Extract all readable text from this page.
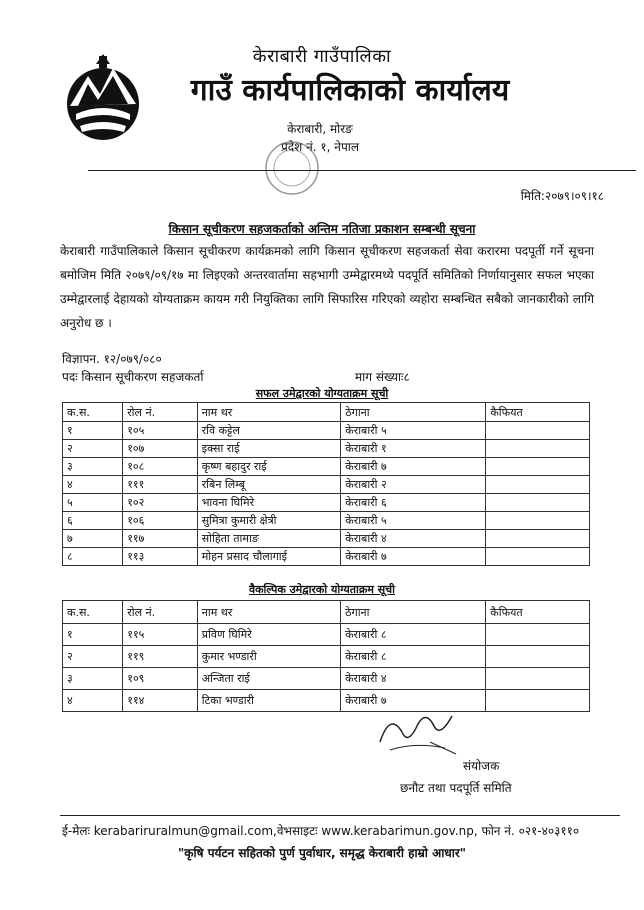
केराबारी गाउँपालिका
गाउँ कार्यपालिकाको कार्यालय
केराबारी, मोरङ
प्रदेश नं. १, नेपाल
मिति:२०७९।०९।१८
किसान सूचीकरण सहजकर्ताको अन्तिम नतिजा प्रकाशन सम्बन्धी सूचना
केराबारी गाउँपालिकाले किसान सूचीकरण कार्यक्रमको लागि किसान सूचीकरण सहजकर्ता सेवा करारमा पदपूर्ती गर्ने सूचना बमोजिम मिति २०७९/०९/१७ मा लिइएको अन्तरवार्तामा सहभागी उम्मेद्वारमध्ये पदपूर्ति समितिको निर्णायानुसार सफल भएका उम्मेद्वारलाई देहायको योग्यताक्रम कायम गरी नियुक्तिका लागि सिफारिस गरिएको व्यहोरा सम्बन्धित सबैको जानकारीको लागि अनुरोध छ ।
विज्ञापन. १२/०७९/०८०
पदः किसान सूचीकरण सहजकर्ता	माग संख्याः८
सफल उमेद्वारको योग्यताक्रम सूची
क.स.	रोल नं.	नाम थर	ठेगाना	कैफियत
१	१०५	रवि कट्टेल	केराबारी ५	
२	१०७	इक्सा राई	केराबारी १	
३	१०८	कृष्ण बहादुर राई	केराबारी ७	
४	१११	रबिन लिम्बू	केराबारी २	
५	१०२	भावना घिमिरे	केराबारी ६	
६	१०६	सुमित्रा कुमारी क्षेत्री	केराबारी ५	
७	११७	सोहिता तामाङ	केराबारी ४	
८	११३	मोहन प्रसाद चौलागाई	केराबारी ७	
वैकल्पिक उमेद्वारको योग्यताक्रम सूची
क.स.	रोल नं.	नाम थर	ठेगाना	कैफियत
१	११५	प्रविण घिमिरे	केराबारी ८	
२	११९	कुमार भण्डारी	केराबारी ८	
३	१०९	अन्जिता राई	केराबारी ४	
४	११४	टिका भण्डारी	केराबारी ७	
संयोजक
छनौट तथा पदपूर्ति समिति
ई-मेलः kerabariruralmun@gmail.com,वेभसाइटः www.kerabarimun.gov.np, फोन नं. ०२१-४०३११०
"कृषि पर्यटन सहितको पुर्ण पुर्वाधार, समृद्ध केराबारी हाम्रो आधार"
